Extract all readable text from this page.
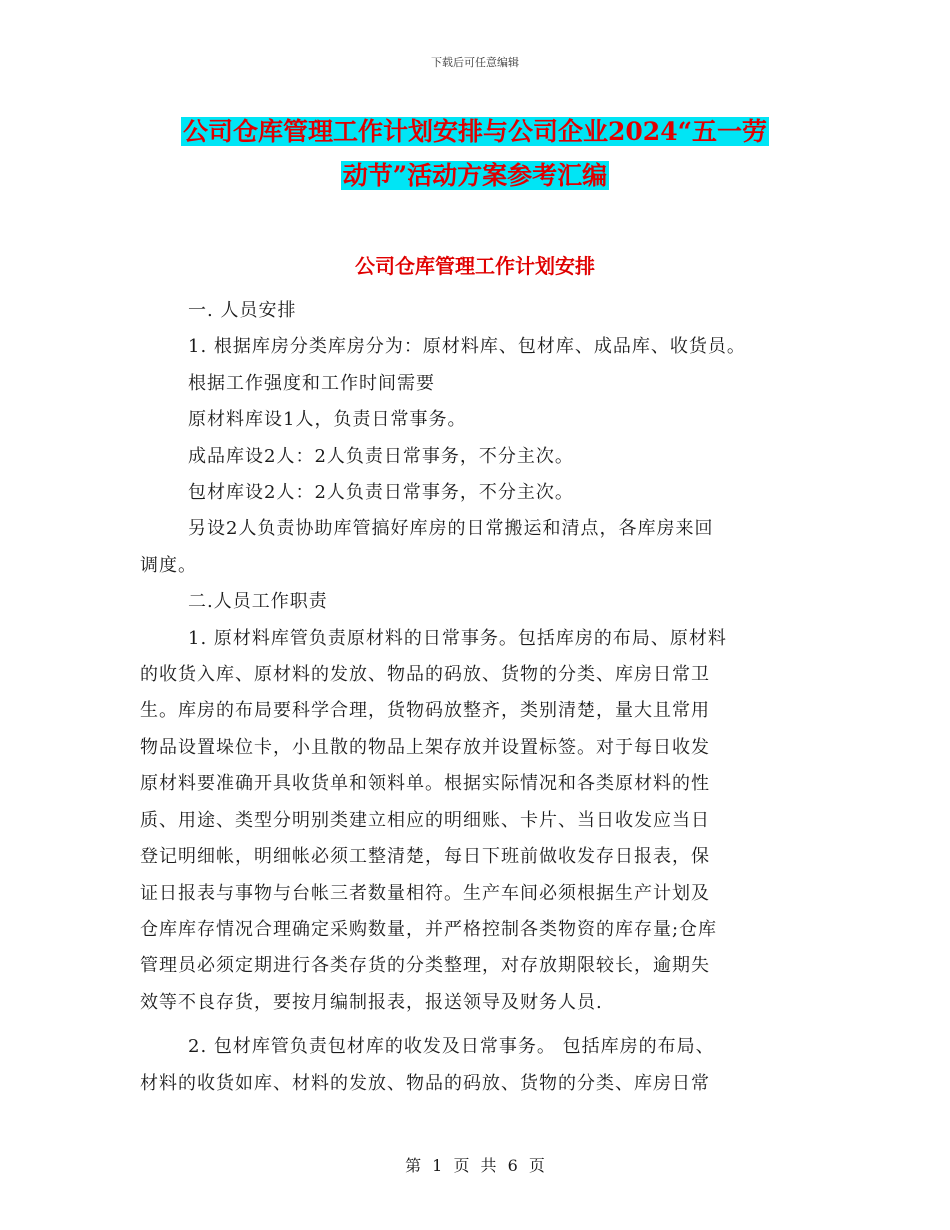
下载后可任意编辑
公司仓库管理工作计划安排与公司企业2024“五一劳
动节”活动方案参考汇编
公司仓库管理工作计划安排

一. 人员安排

1. 根据库房分类库房分为：原材料库、包材库、成品库、收货员。

根据工作强度和工作时间需要

原材料库设1人，负责日常事务。

成品库设2人：2人负责日常事务，不分主次。

包材库设2人：2人负责日常事务，不分主次。

另设2人负责协助库管搞好库房的日常搬运和清点，各库房来回

调度。

二.人员工作职责

1. 原材料库管负责原材料的日常事务。包括库房的布局、原材料

的收货入库、原材料的发放、物品的码放、货物的分类、库房日常卫

生。库房的布局要科学合理，货物码放整齐，类别清楚，量大且常用

物品设置垛位卡，小且散的物品上架存放并设置标签。对于每日收发

原材料要准确开具收货单和领料单。根据实际情况和各类原材料的性

质、用途、类型分明别类建立相应的明细账、卡片、当日收发应当日

登记明细帐，明细帐必须工整清楚，每日下班前做收发存日报表，保

证日报表与事物与台帐三者数量相符。生产车间必须根据生产计划及

仓库库存情况合理确定采购数量，并严格控制各类物资的库存量;仓库

管理员必须定期进行各类存货的分类整理，对存放期限较长，逾期失

效等不良存货，要按月编制报表，报送领导及财务人员.

2. 包材库管负责包材库的收发及日常事务。 包括库房的布局、

材料的收货如库、材料的发放、物品的码放、货物的分类、库房日常

第 1 页 共 6 页
